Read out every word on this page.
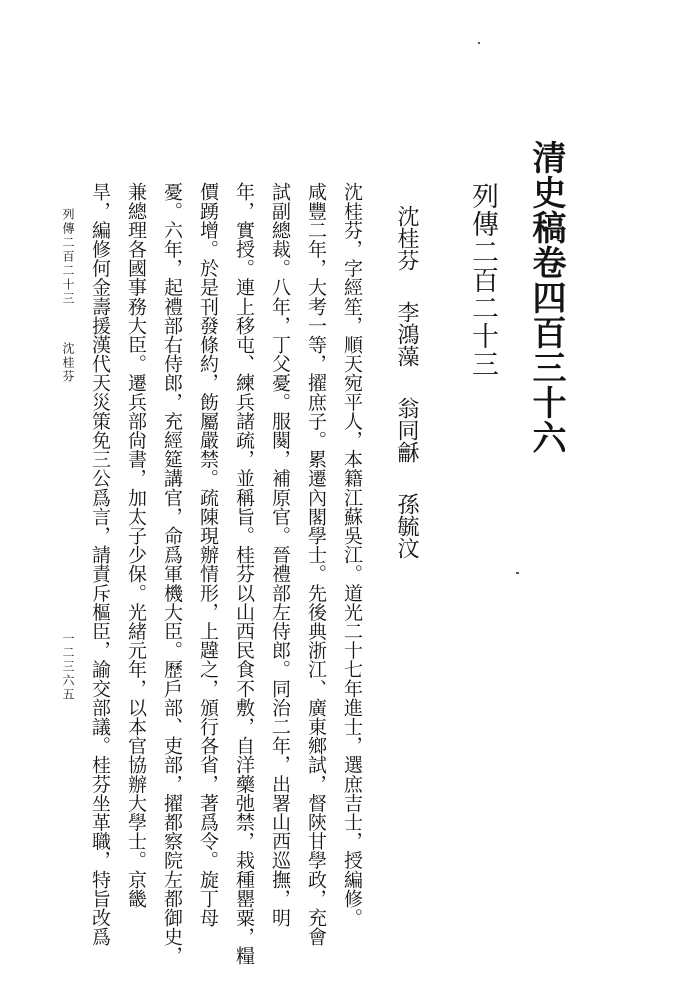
清史稿卷四百三十六
列傳二百二十三
沈桂芬李鴻藻翁同龢孫毓汶
沈桂芬，字經笙，順天宛平人，本籍江蘇吳江。道光二十七年進士，選庶吉士，授編修。
咸豐二年，大考一等，擢庶子。累遷內閣學士。先後典浙江、廣東鄉試，督陝甘學政，充會
試副總裁。八年，丁父憂。服闋，補原官。晉禮部左侍郎。同治二年，出署山西巡撫，明
年，實授。連上移屯、練兵諸疏，並稱旨。桂芬以山西民食不敷，自洋藥弛禁，栽種罌粟，糧
價踴增。於是刊發條約，飭屬嚴禁。疏陳現辦情形，上韙之，頒行各省，著爲令。旋丁母
憂。六年，起禮部右侍郎，充經筵講官，命爲軍機大臣。歷戶部、吏部，擢都察院左都御史，
兼總理各國事務大臣。遷兵部尙書，加太子少保。光緒元年，以本官協辦大學士。京畿
旱，編修何金壽援漢代天災策免三公爲言，請責斥樞臣，諭交部議。桂芬坐革職，特旨改爲
列傳二百二十三沈桂芬
一二三六五
